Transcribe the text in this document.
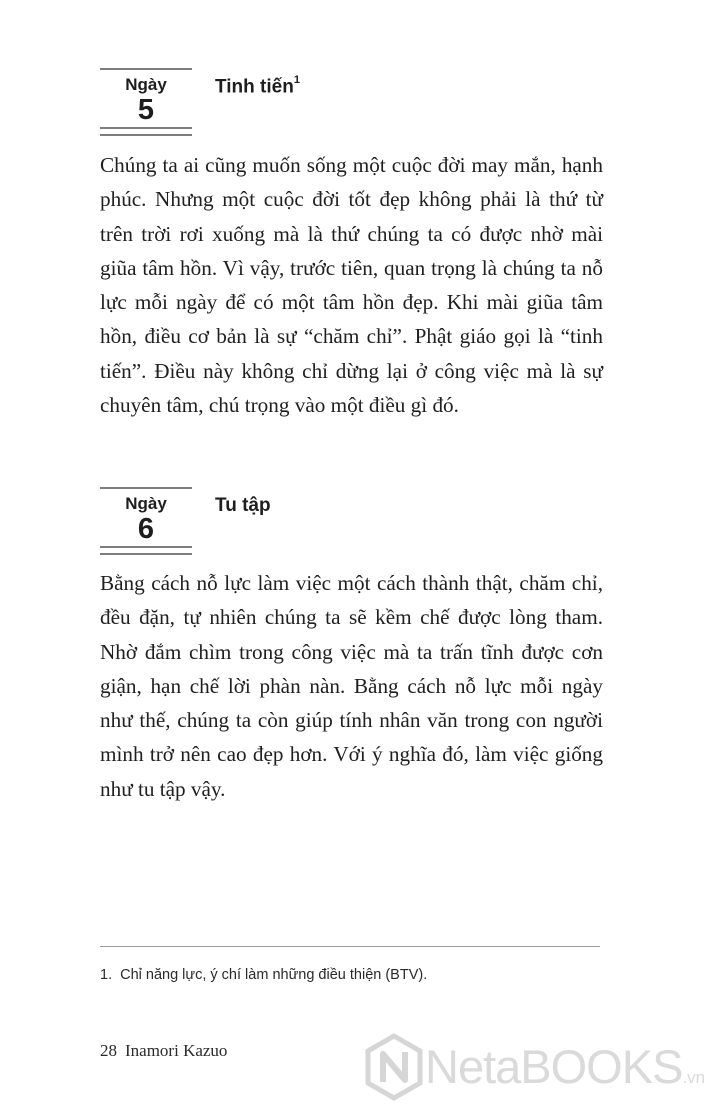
Ngày
5
Tinh tiến$^1$

Chúng ta ai cũng muốn sống một cuộc đời may mắn, hạnh phúc. Nhưng một cuộc đời tốt đẹp không phải là thứ từ trên trời rơi xuống mà là thứ chúng ta có được nhờ mài giũa tâm hồn. Vì vậy, trước tiên, quan trọng là chúng ta nỗ lực mỗi ngày để có một tâm hồn đẹp. Khi mài giũa tâm hồn, điều cơ bản là sự “chăm chỉ”. Phật giáo gọi là “tinh tiến”. Điều này không chỉ dừng lại ở công việc mà là sự chuyên tâm, chú trọng vào một điều gì đó.

Ngày
6
Tu tập

Bằng cách nỗ lực làm việc một cách thành thật, chăm chỉ, đều đặn, tự nhiên chúng ta sẽ kềm chế được lòng tham. Nhờ đắm chìm trong công việc mà ta trấn tĩnh được cơn giận, hạn chế lời phàn nàn. Bằng cách nỗ lực mỗi ngày như thế, chúng ta còn giúp tính nhân văn trong con người mình trở nên cao đẹp hơn. Với ý nghĩa đó, làm việc giống như tu tập vậy.

1. Chỉ năng lực, ý chí làm những điều thiện (BTV).
28 Inamori Kazuo	NetaBOOKS.vn
